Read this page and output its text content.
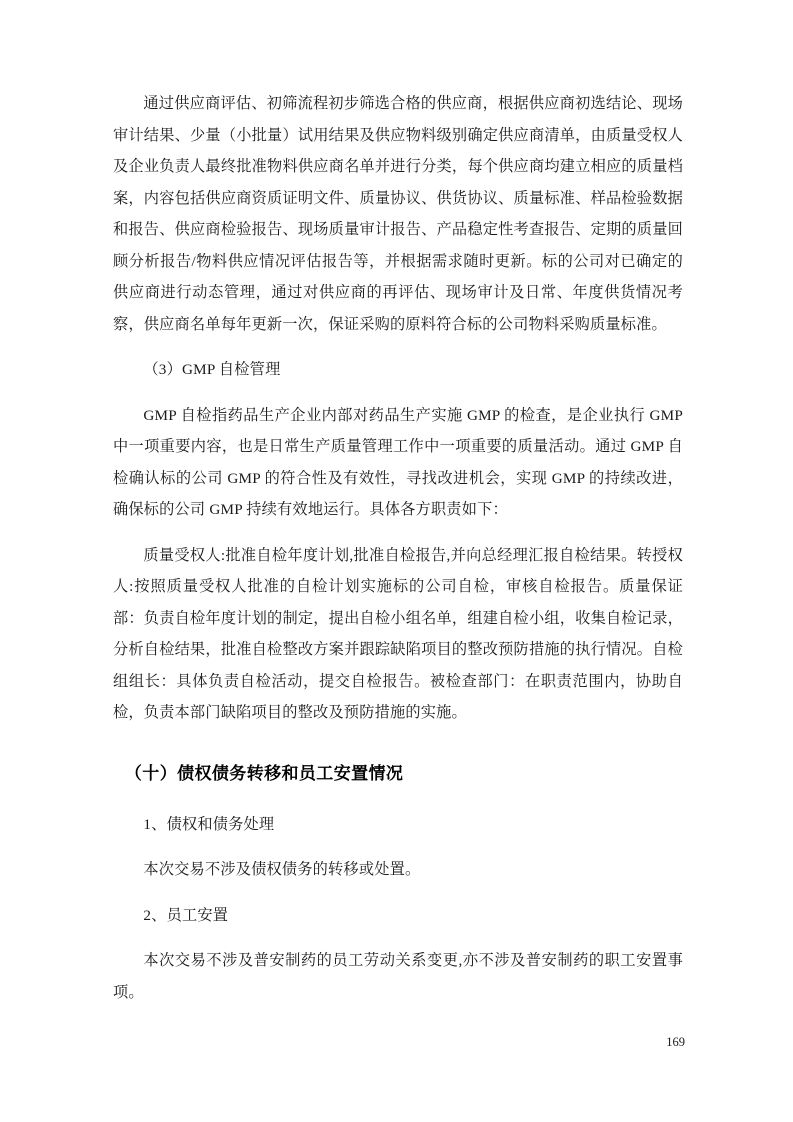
通过供应商评估、初筛流程初步筛选合格的供应商，根据供应商初选结论、现场审计结果、少量（小批量）试用结果及供应物料级别确定供应商清单，由质量受权人及企业负责人最终批准物料供应商名单并进行分类，每个供应商均建立相应的质量档案，内容包括供应商资质证明文件、质量协议、供货协议、质量标准、样品检验数据和报告、供应商检验报告、现场质量审计报告、产品稳定性考查报告、定期的质量回顾分析报告/物料供应情况评估报告等，并根据需求随时更新。标的公司对已确定的供应商进行动态管理，通过对供应商的再评估、现场审计及日常、年度供货情况考察，供应商名单每年更新一次，保证采购的原料符合标的公司物料采购质量标准。

（3）GMP 自检管理

GMP 自检指药品生产企业内部对药品生产实施 GMP 的检查，是企业执行 GMP 中一项重要内容，也是日常生产质量管理工作中一项重要的质量活动。通过 GMP 自检确认标的公司 GMP 的符合性及有效性，寻找改进机会，实现 GMP 的持续改进，确保标的公司 GMP 持续有效地运行。具体各方职责如下：

质量受权人:批准自检年度计划,批准自检报告,并向总经理汇报自检结果。转授权人:按照质量受权人批准的自检计划实施标的公司自检，审核自检报告。质量保证部：负责自检年度计划的制定，提出自检小组名单，组建自检小组，收集自检记录，分析自检结果，批准自检整改方案并跟踪缺陷项目的整改预防措施的执行情况。自检组组长：具体负责自检活动，提交自检报告。被检查部门：在职责范围内，协助自检，负责本部门缺陷项目的整改及预防措施的实施。

（十）债权债务转移和员工安置情况

1、债权和债务处理

本次交易不涉及债权债务的转移或处置。

2、员工安置

本次交易不涉及普安制药的员工劳动关系变更,亦不涉及普安制药的职工安置事项。

169
